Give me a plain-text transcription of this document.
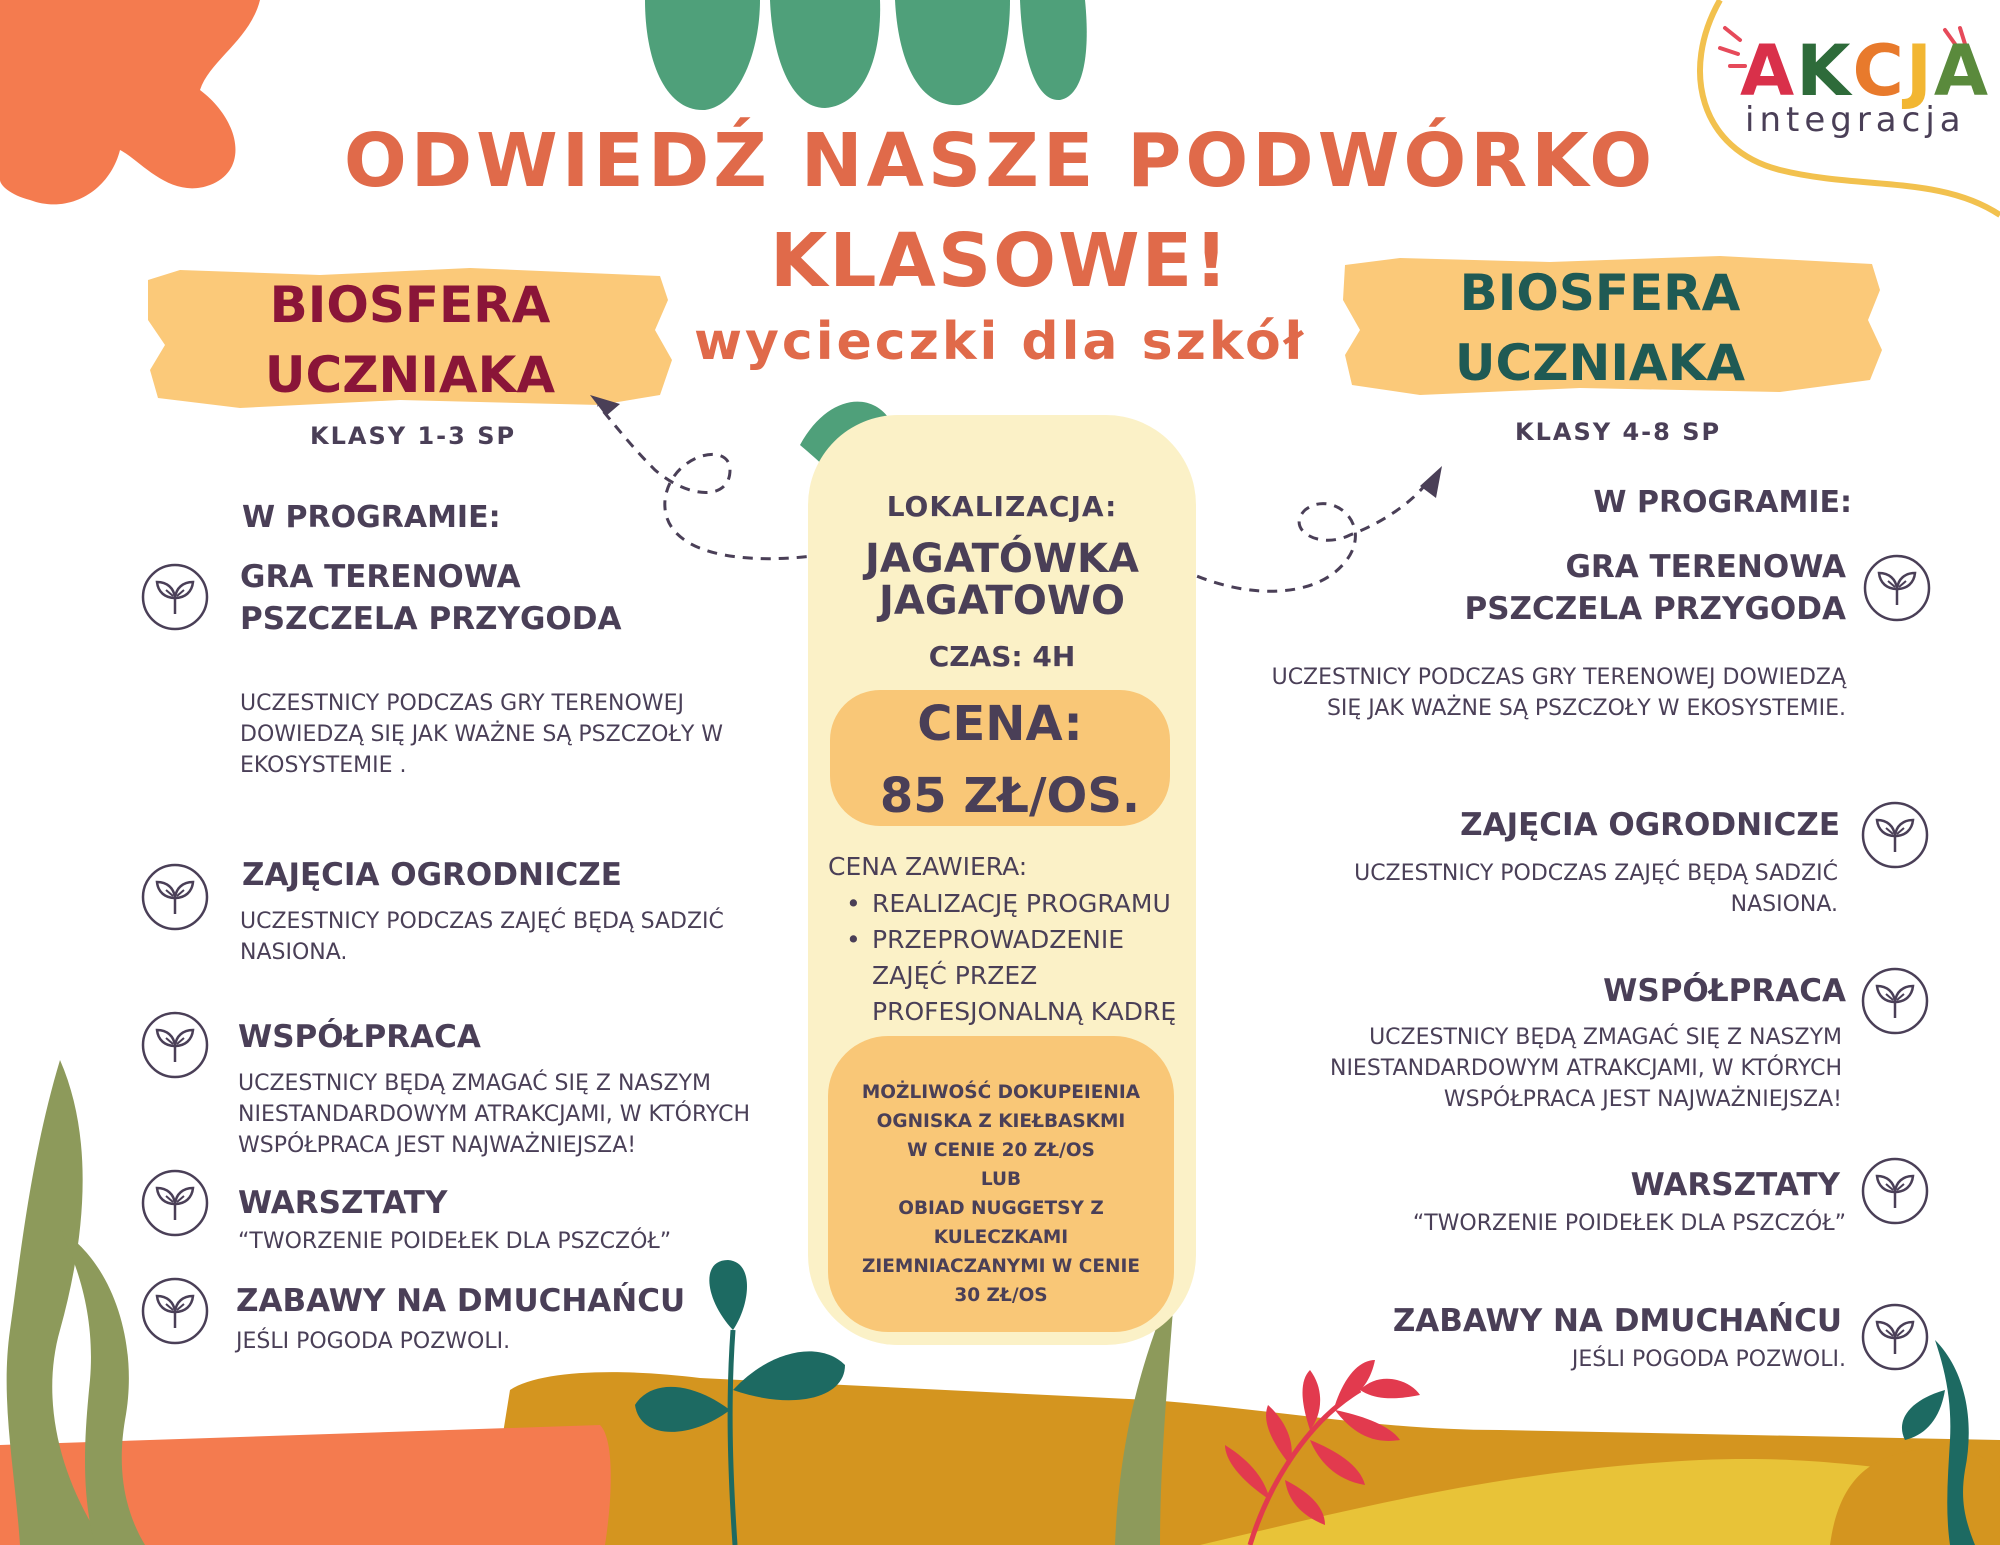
AKCJA
integracja
ODWIEDŹ NASZE PODWÓRKO
KLASOWE!
wycieczki dla szkół
BIOSFERA
UCZNIAKA
KLASY 1-3 SP
BIOSFERA
UCZNIAKA
KLASY 4-8 SP
W PROGRAMIE:
GRA TERENOWA
PSZCZELA PRZYGODA
UCZESTNICY PODCZAS GRY TERENOWEJ
DOWIEDZĄ SIĘ JAK WAŻNE SĄ PSZCZOŁY W
EKOSYSTEMIE .
ZAJĘCIA OGRODNICZE
UCZESTNICY PODCZAS ZAJĘĆ BĘDĄ SADZIĆ
NASIONA.
WSPÓŁPRACA
UCZESTNICY BĘDĄ ZMAGAĆ SIĘ Z NASZYM
NIESTANDARDOWYM ATRAKCJAMI, W KTÓRYCH
WSPÓŁPRACA JEST NAJWAŻNIEJSZA!
WARSZTATY
“TWORZENIE POIDEŁEK DLA PSZCZÓŁ”
ZABAWY NA DMUCHAŃCU
JEŚLI POGODA POZWOLI.
W PROGRAMIE:
GRA TERENOWA
PSZCZELA PRZYGODA
UCZESTNICY PODCZAS GRY TERENOWEJ DOWIEDZĄ
SIĘ JAK WAŻNE SĄ PSZCZOŁY W EKOSYSTEMIE.
ZAJĘCIA OGRODNICZE
UCZESTNICY PODCZAS ZAJĘĆ BĘDĄ SADZIĆ
NASIONA.
WSPÓŁPRACA
UCZESTNICY BĘDĄ ZMAGAĆ SIĘ Z NASZYM
NIESTANDARDOWYM ATRAKCJAMI, W KTÓRYCH
WSPÓŁPRACA JEST NAJWAŻNIEJSZA!
WARSZTATY
“TWORZENIE POIDEŁEK DLA PSZCZÓŁ”
ZABAWY NA DMUCHAŃCU
JEŚLI POGODA POZWOLI.
LOKALIZACJA:
JAGATÓWKA
JAGATOWO
CZAS: 4H
CENA:
85 ZŁ/OS.
CENA ZAWIERA:
• REALIZACJĘ PROGRAMU
• PRZEPROWADZENIE ZAJĘĆ PRZEZ PROFESJONALNĄ KADRĘ
MOŻLIWOŚĆ DOKUPEIENIA
OGNISKA Z KIEŁBASKMI
W CENIE 20 ZŁ/OS
LUB
OBIAD NUGGETSY Z
KULECZKAMI
ZIEMNIACZANYMI W CENIE
30 ZŁ/OS
